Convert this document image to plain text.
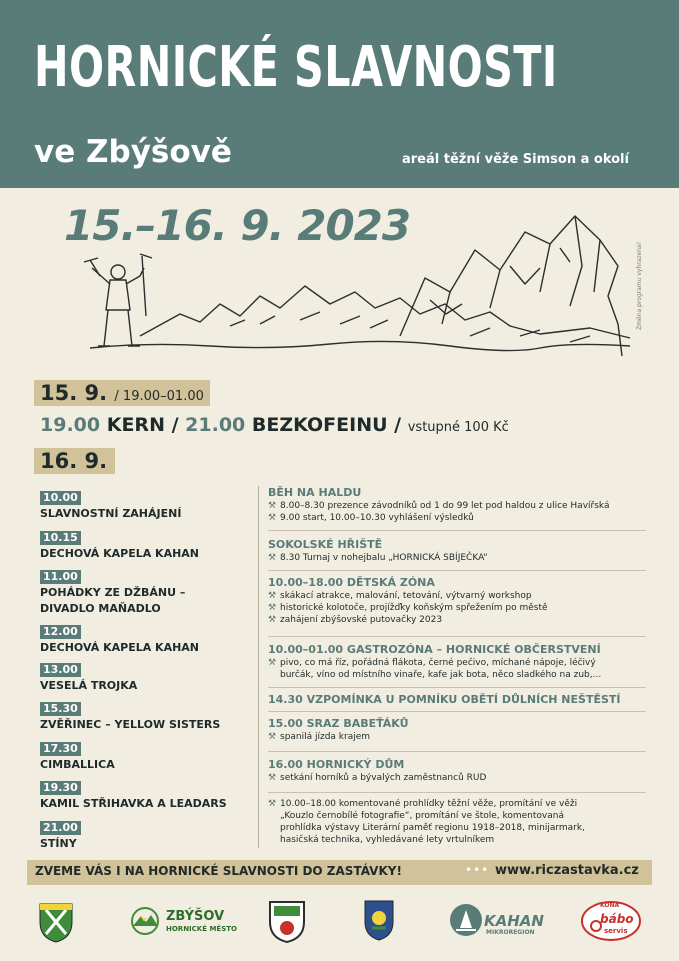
HORNICKÉ SLAVNOSTI
ve Zbýšově	areál těžní věže Simson a okolí
15.–16. 9. 2023
Změna programu vyhrazena!
15. 9. / 19.00–01.00
19.00 KERN / 21.00 BEZKOFEINU / vstupné 100 Kč
16. 9.
10.00
SLAVNOSTNÍ ZAHÁJENÍ
10.15
DECHOVÁ KAPELA KAHAN
11.00
POHÁDKY ZE DŽBÁNU –
DIVADLO MAŇADLO
12.00
DECHOVÁ KAPELA KAHAN
13.00
VESELÁ TROJKA
15.30
ZVĚŘINEC – YELLOW SISTERS
17.30
CIMBALLICA
19.30
KAMIL STŘIHAVKA A LEADARS
21.00
STÍNY
BĚH NA HALDU
⚒ 8.00–8.30 prezence závodníků od 1 do 99 let pod haldou z ulice Havířská
⚒ 9.00 start, 10.00–10.30 vyhlášení výsledků
SOKOLSKÉ HŘIŠTĚ
⚒ 8.30 Turnaj v nohejbalu „HORNICKÁ SBÍJEČKA“
10.00–18.00 DĚTSKÁ ZÓNA
⚒ skákací atrakce, malování, tetování, výtvarný workshop
⚒ historické kolotoče, projížďky koňským spřežením po městě
⚒ zahájení zbýšovské putovačky 2023
10.00–01.00 GASTROZÓNA – HORNICKÉ OBČERSTVENÍ
⚒ pivo, co má říz, pořádná flákota, černé pečivo, míchané nápoje, léčivý
burčák, víno od místního vinaře, kafe jak bota, něco sladkého na zub,...
14.30 VZPOMÍNKA U POMNÍKU OBĚTÍ DŮLNÍCH NEŠTĚSTÍ
15.00 SRAZ BABEŤÁKŮ
⚒ spanilá jízda krajem
16.00 HORNICKÝ DŮM
⚒ setkání horníků a bývalých zaměstnanců RUD
⚒ 10.00–18.00 komentované prohlídky těžní věže, promítání ve věži
„Kouzlo černobílé fotografie“, promítání ve štole, komentovaná
prohlídka výstavy Literární paměť regionu 1918–2018, minijarmark,
hasičská technika, vyhledávané lety vrtulníkem
ZVEME VÁS I NA HORNICKÉ SLAVNOSTI DO ZASTÁVKY!	••• www.riczastavka.cz
ZBÝŠOV
HORNICKÉ MĚSTO	KAHAN
MIKROREGION
KOŇA
bábo
servis
